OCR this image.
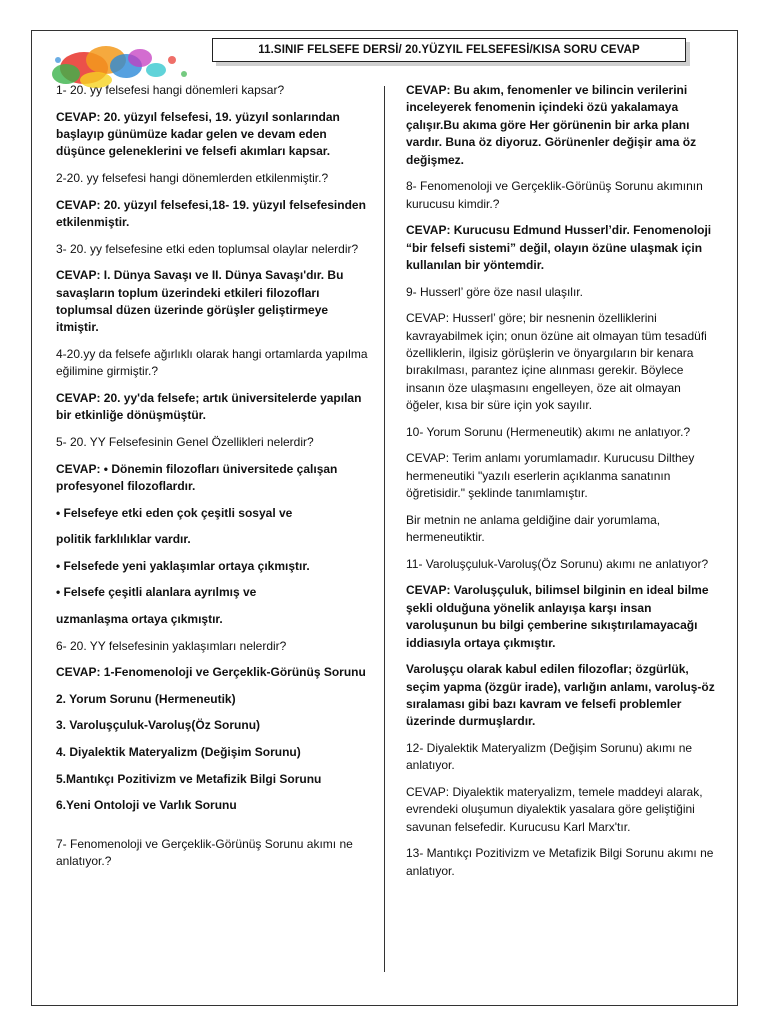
11.SINIF FELSEFE DERSİ/ 20.YÜZYIL FELSEFESİ/KISA SORU CEVAP

1- 20. yy felsefesi hangi dönemleri kapsar?

CEVAP: 20. yüzyıl felsefesi, 19. yüzyıl sonlarından başlayıp günümüze kadar gelen ve devam eden düşünce geleneklerini ve felsefi akımları kapsar.

2-20. yy felsefesi hangi dönemlerden etkilenmiştir.?

CEVAP: 20. yüzyıl felsefesi,18- 19. yüzyıl felsefesinden etkilenmiştir.

3- 20. yy felsefesine etki eden toplumsal olaylar nelerdir?

CEVAP: I. Dünya Savaşı ve II. Dünya Savaşı'dır. Bu savaşların toplum üzerindeki etkileri filozofları toplumsal düzen üzerinde görüşler geliştirmeye itmiştir.

4-20.yy da felsefe ağırlıklı olarak hangi ortamlarda yapılma eğilimine girmiştir.?

CEVAP: 20. yy'da felsefe; artık üniversitelerde yapılan bir etkinliğe dönüşmüştür.

5- 20. YY Felsefesinin Genel Özellikleri nelerdir?

CEVAP: • Dönemin filozofları üniversitede çalışan profesyonel filozoflardır.

• Felsefeye etki eden çok çeşitli sosyal ve

politik farklılıklar vardır.

• Felsefede yeni yaklaşımlar ortaya çıkmıştır.

• Felsefe çeşitli alanlara ayrılmış ve

uzmanlaşma ortaya çıkmıştır.

6- 20. YY felsefesinin yaklaşımları nelerdir?

CEVAP: 1-Fenomenoloji ve Gerçeklik-Görünüş Sorunu

2. Yorum Sorunu (Hermeneutik)

3. Varoluşçuluk-Varoluş(Öz Sorunu)

4. Diyalektik Materyalizm (Değişim Sorunu)

5.Mantıkçı Pozitivizm ve Metafizik Bilgi Sorunu

6.Yeni Ontoloji ve Varlık Sorunu

7- Fenomenoloji ve Gerçeklik-Görünüş Sorunu akımı ne anlatıyor.?

CEVAP: Bu akım, fenomenler ve bilincin verilerini inceleyerek fenomenin içindeki özü yakalamaya çalışır.Bu akıma göre Her görünenin bir arka planı vardır. Buna öz diyoruz. Görünenler değişir ama öz değişmez.

8- Fenomenoloji ve Gerçeklik-Görünüş Sorunu akımının kurucusu kimdir.?

CEVAP: Kurucusu Edmund Husserl’dir. Fenomenoloji “bir felsefi sistemi” değil, olayın özüne ulaşmak için kullanılan bir yöntemdir.

9- Husserl’ göre öze nasıl ulaşılır.

CEVAP: Husserl’ göre; bir nesnenin özelliklerini kavrayabilmek için; onun özüne ait olmayan tüm tesadüfi özelliklerin, ilgisiz görüşlerin ve önyargıların bir kenara bırakılması, parantez içine alınması gerekir. Böylece insanın öze ulaşmasını engelleyen, öze ait olmayan öğeler, kısa bir süre için yok sayılır.

10- Yorum Sorunu (Hermeneutik) akımı ne anlatıyor.?

CEVAP: Terim anlamı yorumlamadır. Kurucusu Dilthey hermeneutiki "yazılı eserlerin açıklanma sanatının öğretisidir." şeklinde tanımlamıştır.

Bir metnin ne anlama geldiğine dair yorumlama, hermeneutiktir.

11- Varoluşçuluk-Varoluş(Öz Sorunu) akımı ne anlatıyor?

CEVAP: Varoluşçuluk, bilimsel bilginin en ideal bilme şekli olduğuna yönelik anlayışa karşı insan varoluşunun bu bilgi çemberine sıkıştırılamayacağı iddiasıyla ortaya çıkmıştır.

Varoluşçu olarak kabul edilen filozoflar; özgürlük, seçim yapma (özgür irade), varlığın anlamı, varoluş-öz sıralaması gibi bazı kavram ve felsefi problemler üzerinde durmuşlardır.

12- Diyalektik Materyalizm (Değişim Sorunu) akımı ne anlatıyor.

CEVAP: Diyalektik materyalizm, temele maddeyi alarak, evrendeki oluşumun diyalektik yasalara göre geliştiğini savunan felsefedir. Kurucusu Karl Marx'tır.

13- Mantıkçı Pozitivizm ve Metafizik Bilgi Sorunu akımı ne anlatıyor.
